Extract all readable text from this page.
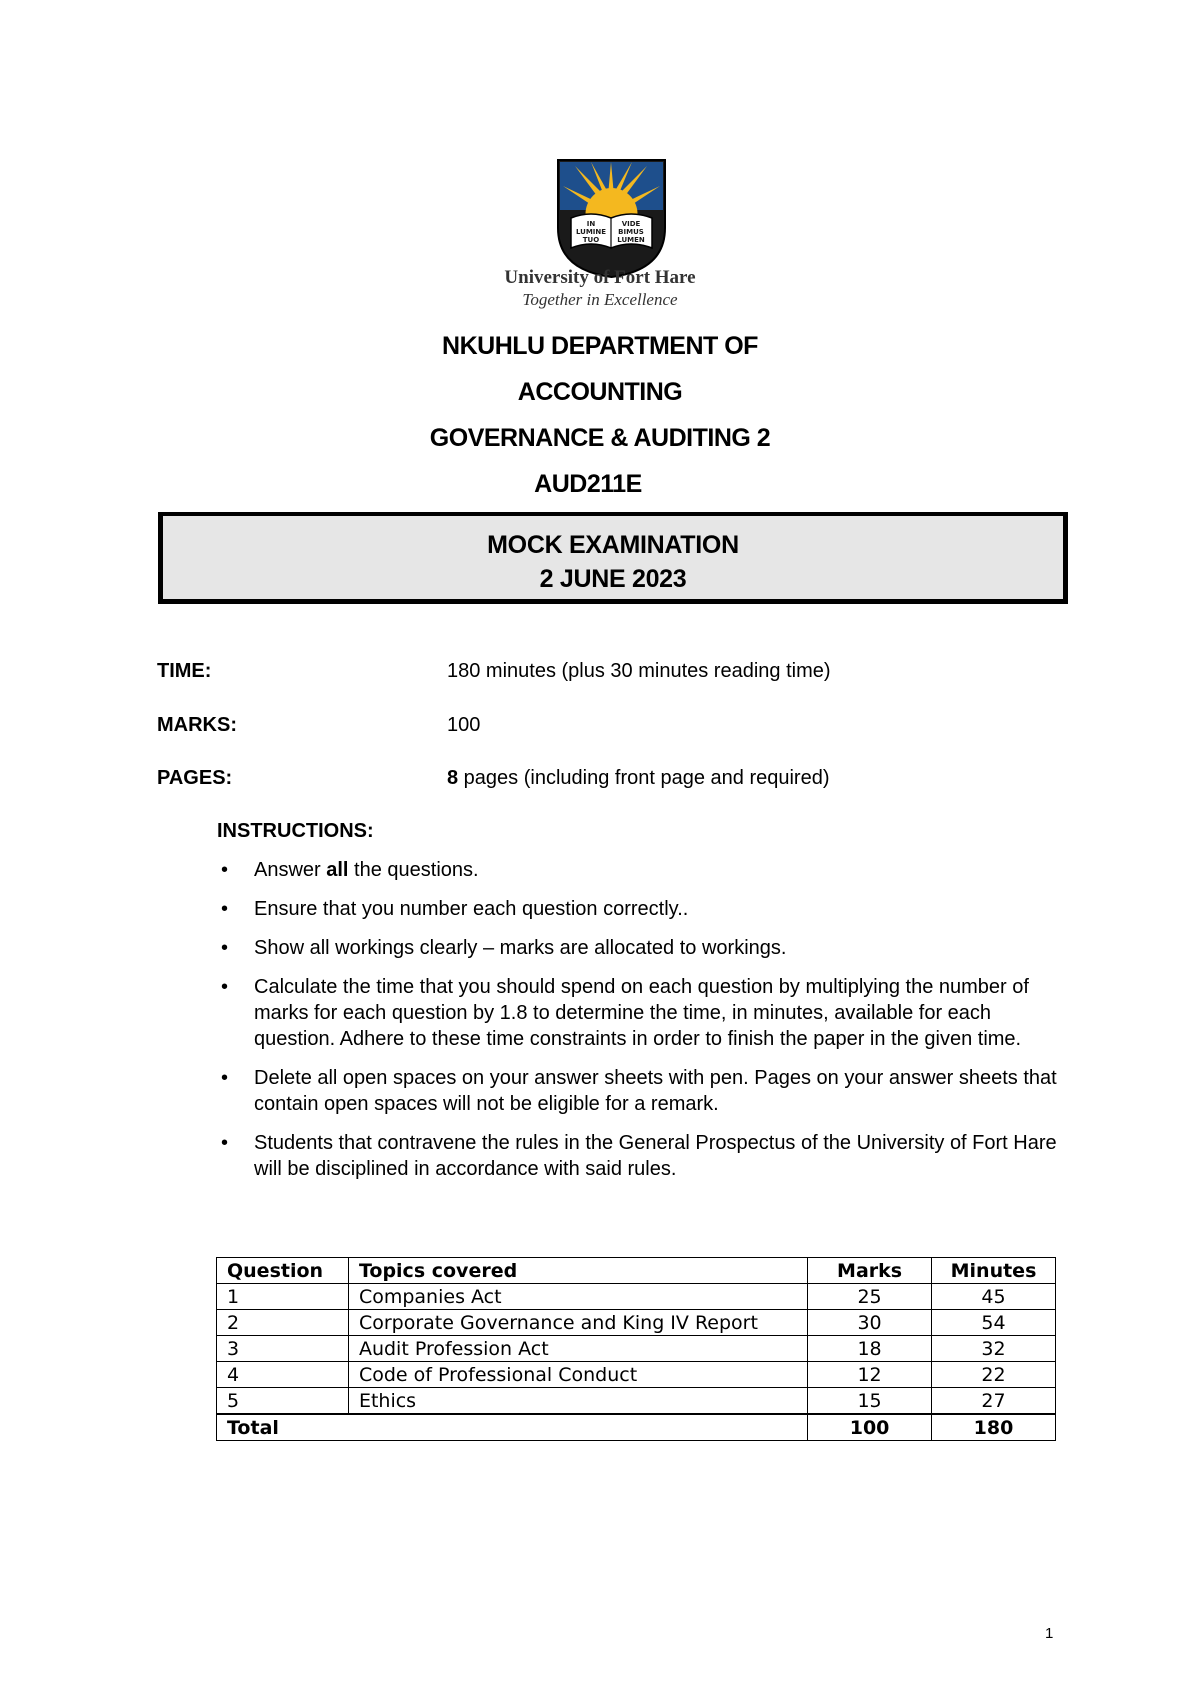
IN
LUMINE
TUO
VIDE
BIMUS
LUMEN
University of Fort Hare
Together in Excellence
NKUHLU DEPARTMENT OF
ACCOUNTING
GOVERNANCE & AUDITING 2
AUD211E
MOCK EXAMINATION
2 JUNE 2023
TIME:	180 minutes (plus 30 minutes reading time)
MARKS:	100
PAGES:	8 pages (including front page and required)
INSTRUCTIONS:
• Answer all the questions.
• Ensure that you number each question correctly..
• Show all workings clearly – marks are allocated to workings.
• Calculate the time that you should spend on each question by multiplying the number of marks for each question by 1.8 to determine the time, in minutes, available for each question. Adhere to these time constraints in order to finish the paper in the given time.
• Delete all open spaces on your answer sheets with pen. Pages on your answer sheets that contain open spaces will not be eligible for a remark.
• Students that contravene the rules in the General Prospectus of the University of Fort Hare will be disciplined in accordance with said rules.
Question	Topics covered	Marks	Minutes
1	Companies Act	25	45
2	Corporate Governance and King IV Report	30	54
3	Audit Profession Act	18	32
4	Code of Professional Conduct	12	22
5	Ethics	15	27
Total		100	180
1
